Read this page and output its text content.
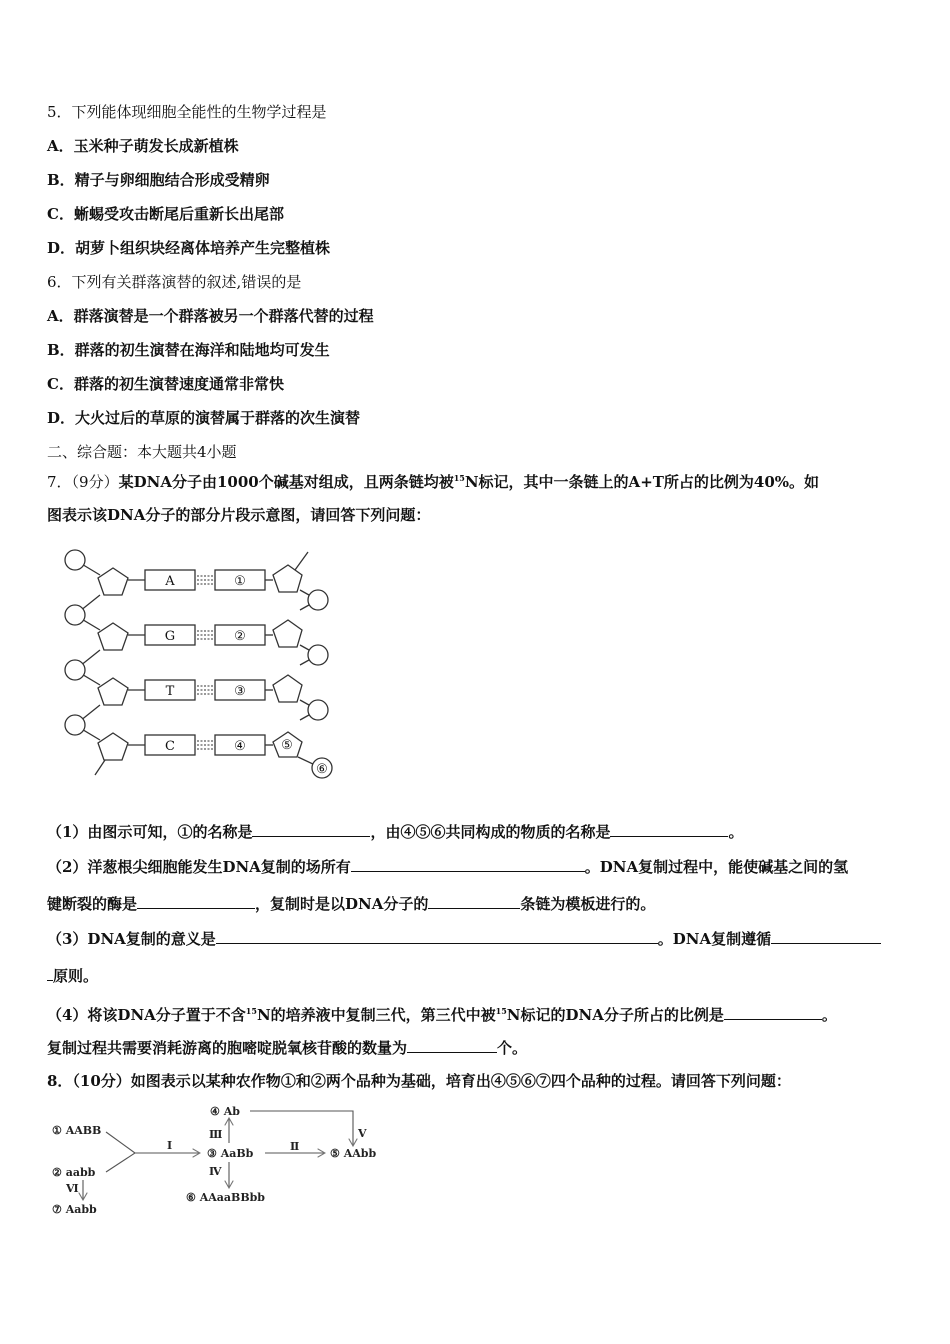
5．下列能体现细胞全能性的生物学过程是
A．玉米种子萌发长成新植株
B．精子与卵细胞结合形成受精卵
C．蜥蜴受攻击断尾后重新长出尾部
D．胡萝卜组织块经离体培养产生完整植株
6．下列有关群落演替的叙述,错误的是
A．群落演替是一个群落被另一个群落代替的过程
B．群落的初生演替在海洋和陆地均可发生
C．群落的初生演替速度通常非常快
D．大火过后的草原的演替属于群落的次生演替
二、综合题：本大题共4小题
7．（9分）某DNA分子由1000个碱基对组成，且两条链均被$^{15}$N标记，其中一条链上的A+T所占的比例为40%。如
图表示该DNA分子的部分片段示意图，请回答下列问题：
A
G
T
C
①
②
③
④	⑤
⑥
（1）由图示可知，①的名称是	，由④⑤⑥共同构成的物质的名称是	。
（2）洋葱根尖细胞能发生DNA复制的场所有	。DNA复制过程中，能使碱基之间的氢
键断裂的酶是	，复制时是以DNA分子的	条链为模板进行的。
（3）DNA复制的意义是	。DNA复制遵循
原则。
（4）将该DNA分子置于不含$^{15}$N的培养液中复制三代，第三代中被$^{15}$N标记的DNA分子所占的比例是	。
复制过程共需要消耗游离的胞嘧啶脱氧核苷酸的数量为	个。
8．（10分）如图表示以某种农作物①和②两个品种为基础，培育出④⑤⑥⑦四个品种的过程。请回答下列问题：
① AABB
② aabb
③ AaBb
④ Ab
⑤ AAbb
⑥ AAaaBBbb
⑦ Aabb
Ⅰ	Ⅱ
Ⅲ
Ⅳ
Ⅴ
Ⅵ
